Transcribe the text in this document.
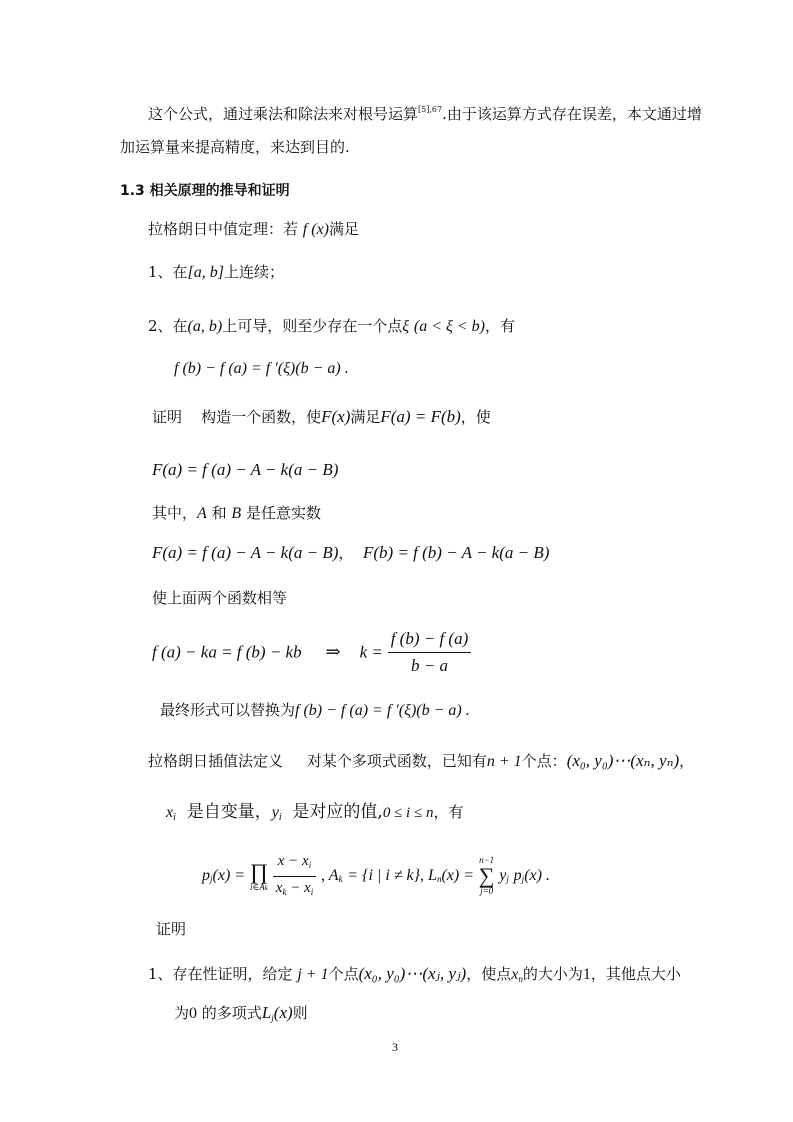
这个公式，通过乘法和除法来对根号运算$^{[5],67}$.由于该运算方式存在误差，本文通过增
加运算量来提高精度，来达到目的.
1.3 相关原理的推导和证明
拉格朗日中值定理：若 f (x)满足
1、在[a, b]上连续；
2、在(a, b)上可导，则至少存在一个点ξ (a < ξ < b)，有
f (b) − f (a) = f ′(ξ)(b − a) .
证明 构造一个函数，使F(x)满足F(a) = F(b)，使
F(a) = f (a) − A − k(a − B)
其中，A 和 B 是任意实数
F(a) = f (a) − A − k(a − B)， F(b) = f (b) − A − k(a − B)
使上面两个函数相等
f (a) − ka = f (b) − kb ⇒ $k = \frac{f (b) - f (a)}{b - a}$
最终形式可以替换为f (b) − f (a) = f ′(ξ)(b − a) .
拉格朗日插值法定义 对某个多项式函数，已知有n + 1个点：(x₀, y₀)⋯(xₙ, yₙ)，
$x_i$ 是自变量，$y_i$ 是对应的值,0 ≤ i ≤ n，有
pj(x) = ∏
i∈Ak
$\frac{x - x_i}{x_k - x_i}$ , Ak = {i | i ≠ k}, Ln(x) =
n−1
∑
j=0
yj pj(x) .
证明
1、存在性证明，给定 j + 1个点(x₀, y₀)⋯(xⱼ, yⱼ)，使点$x_n$的大小为1，其他点大小
为0 的多项式$L_j(x)$则
3
